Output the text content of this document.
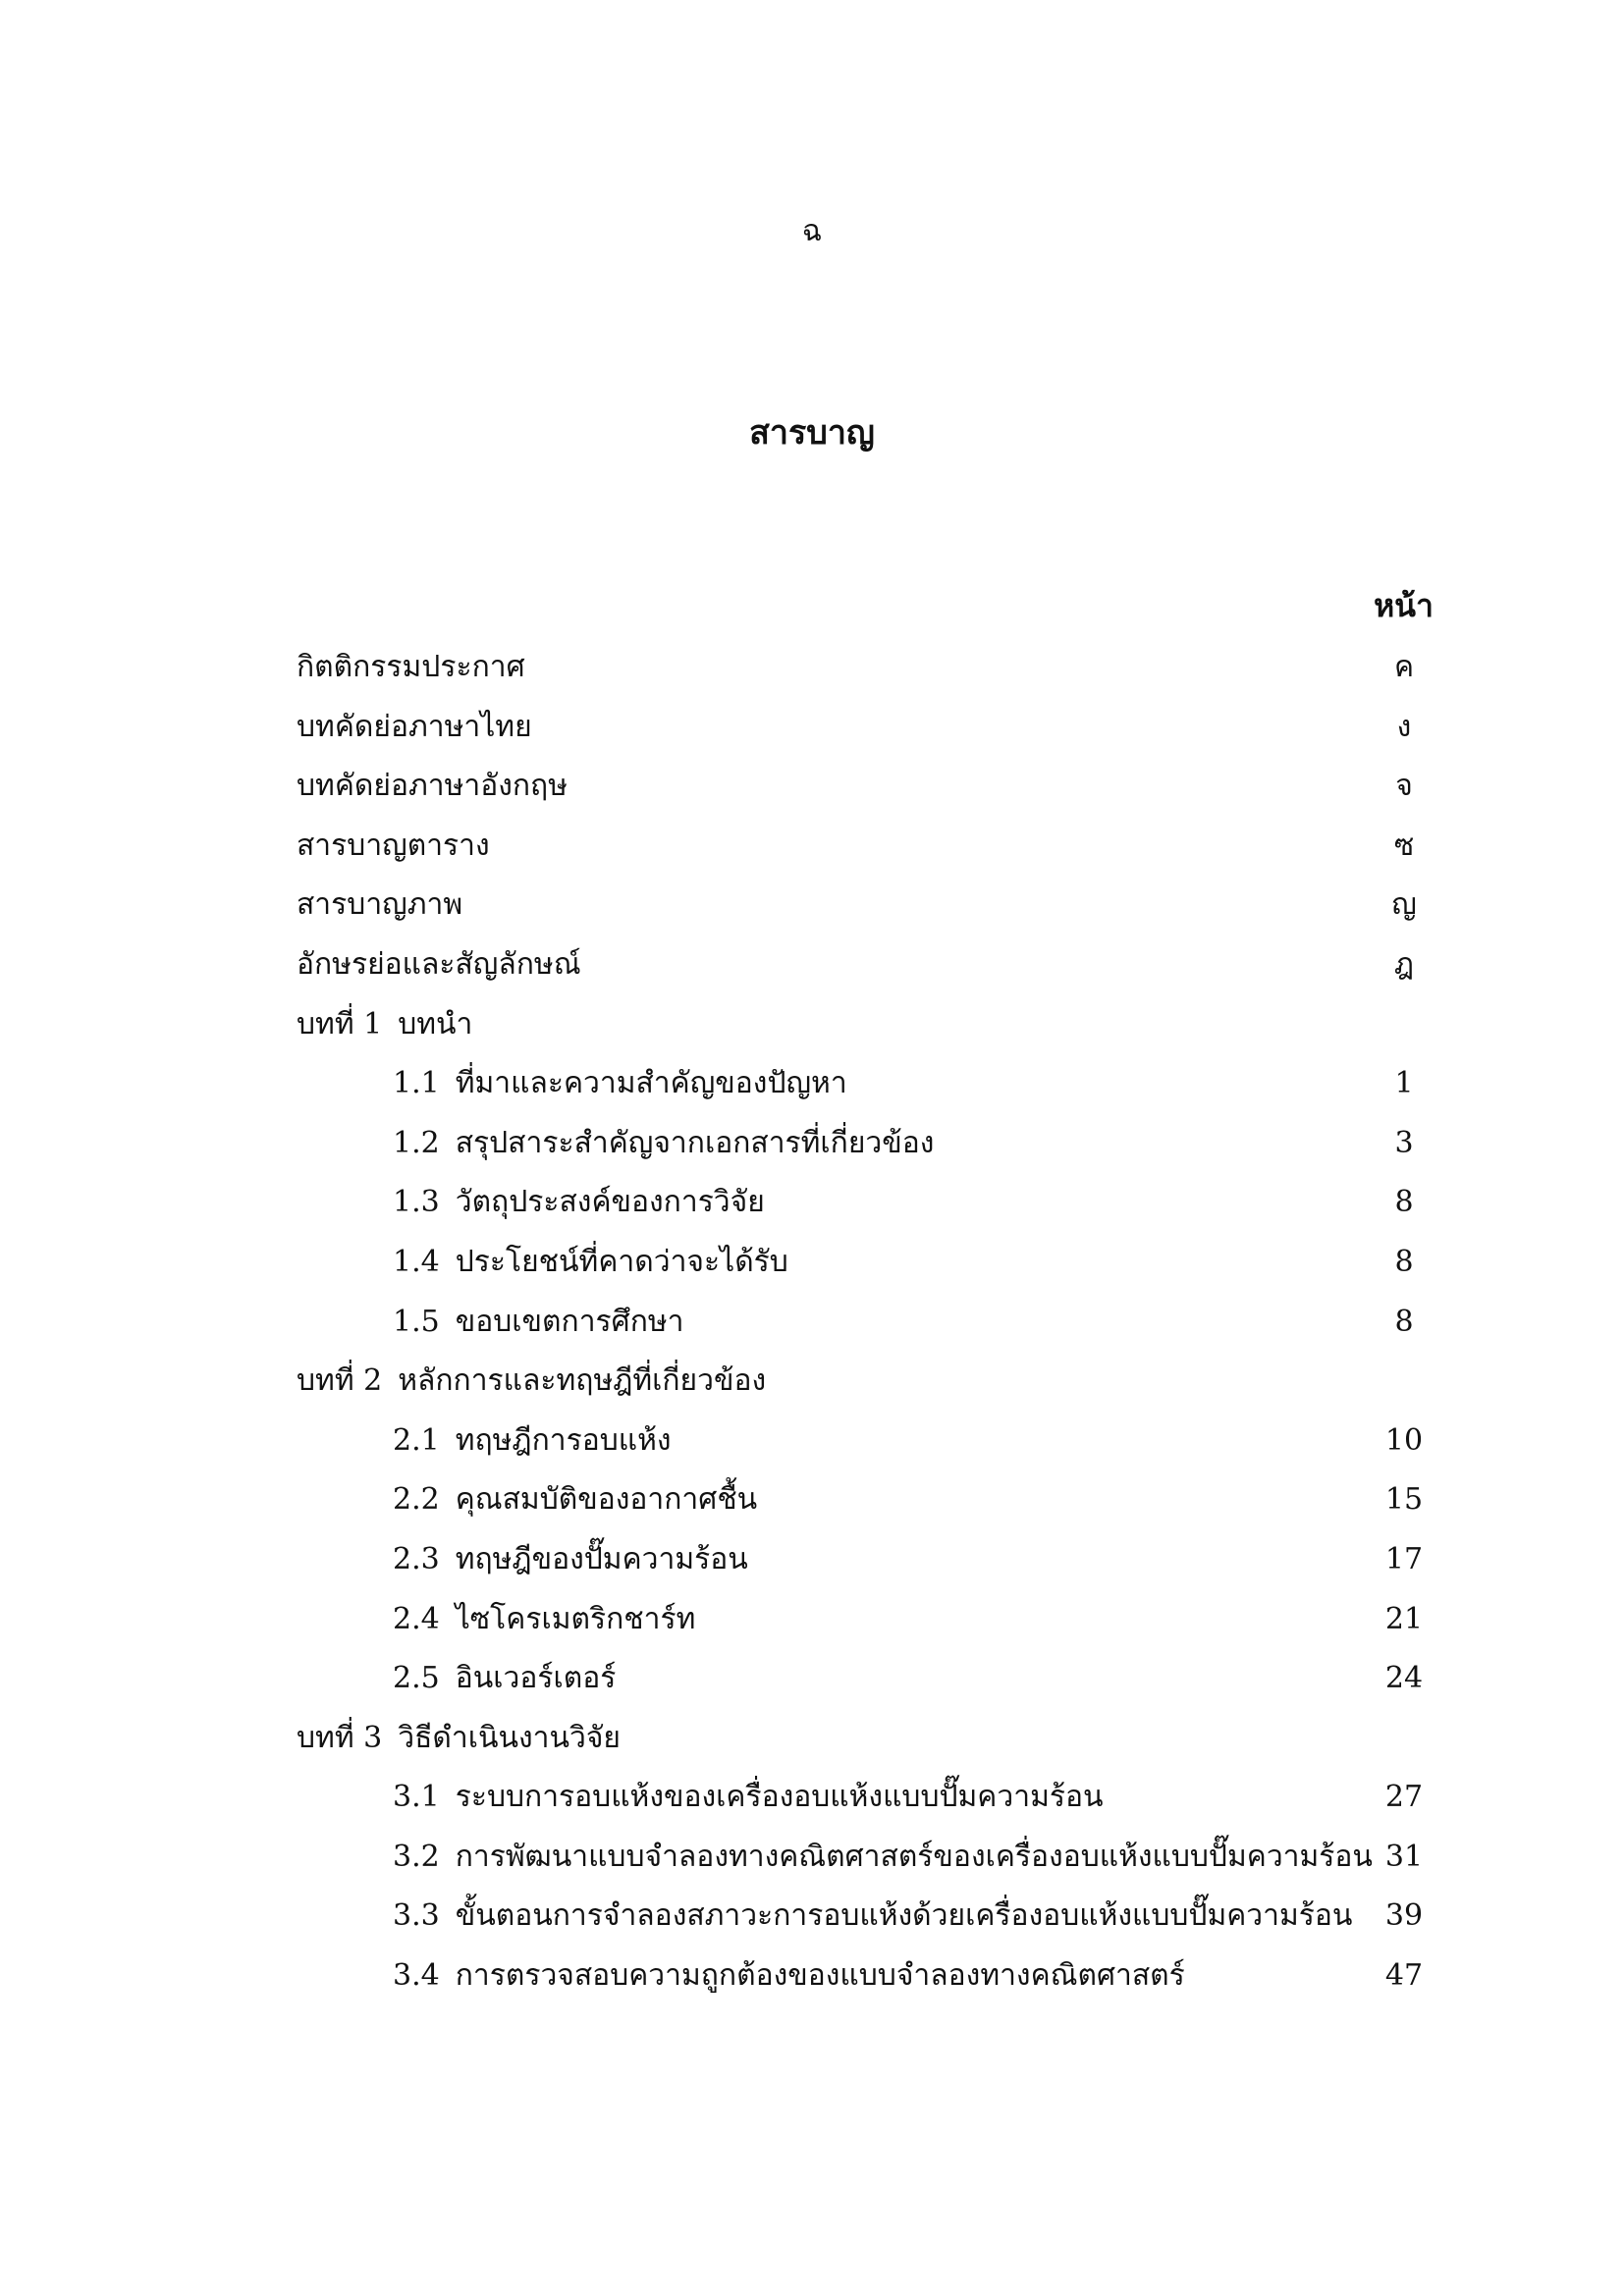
ฉ
สารบาญ
หน้า
กิตติกรรมประกาศ	ค
บทคัดย่อภาษาไทย	ง
บทคัดย่อภาษาอังกฤษ	จ
สารบาญตาราง	ซ
สารบาญภาพ	ญ
อักษรย่อและสัญลักษณ์	ฎ
บทที่ 1 บทนำ
1.1 ที่มาและความสำคัญของปัญหา	1
1.2 สรุปสาระสำคัญจากเอกสารที่เกี่ยวข้อง	3
1.3 วัตถุประสงค์ของการวิจัย	8
1.4 ประโยชน์ที่คาดว่าจะได้รับ	8
1.5 ขอบเขตการศึกษา	8
บทที่ 2 หลักการและทฤษฎีที่เกี่ยวข้อง
2.1 ทฤษฎีการอบแห้ง	10
2.2 คุณสมบัติของอากาศชื้น	15
2.3 ทฤษฎีของปั๊มความร้อน	17
2.4 ไซโครเมตริกชาร์ท	21
2.5 อินเวอร์เตอร์	24
บทที่ 3 วิธีดำเนินงานวิจัย
3.1 ระบบการอบแห้งของเครื่องอบแห้งแบบปั๊มความร้อน	27
3.2 การพัฒนาแบบจำลองทางคณิตศาสตร์ของเครื่องอบแห้งแบบปั๊มความร้อน 31
3.3 ขั้นตอนการจำลองสภาวะการอบแห้งด้วยเครื่องอบแห้งแบบปั๊มความร้อน	39
3.4 การตรวจสอบความถูกต้องของแบบจำลองทางคณิตศาสตร์	47
